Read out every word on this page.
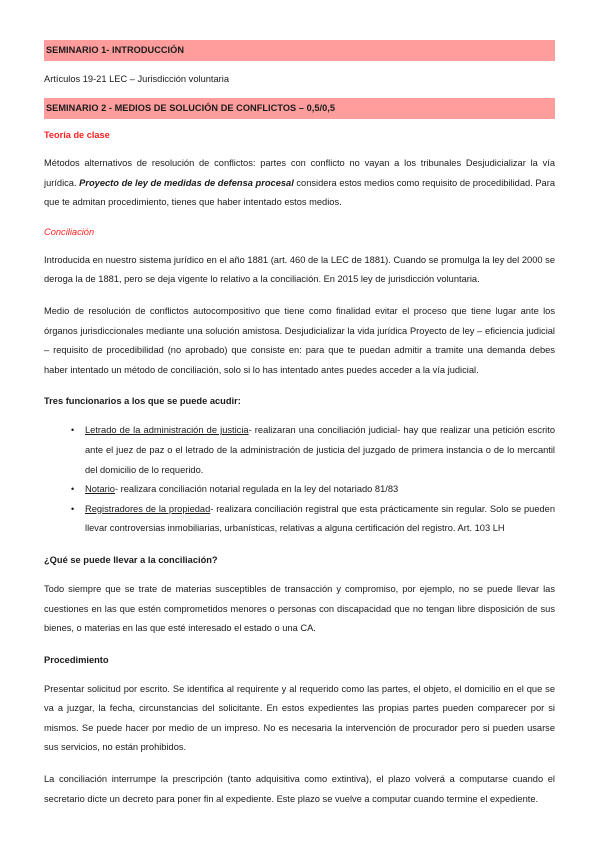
SEMINARIO 1- INTRODUCCIÓN
Artículos 19-21 LEC – Jurisdicción voluntaria
SEMINARIO 2 - MEDIOS DE SOLUCIÓN DE CONFLICTOS – 0,5/0,5
Teoría de clase

Métodos alternativos de resolución de conflictos: partes con conflicto no vayan a los tribunales Desjudicializar la vía jurídica. Proyecto de ley de medidas de defensa procesal considera estos medios como requisito de procedibilidad. Para que te admitan procedimiento, tienes que haber intentado estos medios.

Conciliación

Introducida en nuestro sistema jurídico en el año 1881 (art. 460 de la LEC de 1881). Cuando se promulga la ley del 2000 se deroga la de 1881, pero se deja vigente lo relativo a la conciliación. En 2015 ley de jurisdicción voluntaria.

Medio de resolución de conflictos autocompositivo que tiene como finalidad evitar el proceso que tiene lugar ante los órganos jurisdiccionales mediante una solución amistosa. Desjudicializar la vida jurídica Proyecto de ley – eficiencia judicial – requisito de procedibilidad (no aprobado) que consiste en: para que te puedan admitir a tramite una demanda debes haber intentado un método de conciliación, solo si lo has intentado antes puedes acceder a la vía judicial.

Tres funcionarios a los que se puede acudir:
• Letrado de la administración de justicia- realizaran una conciliación judicial- hay que realizar una petición escrito ante el juez de paz o el letrado de la administración de justicia del juzgado de primera instancia o de lo mercantil del domicilio de lo requerido.
• Notario- realizara conciliación notarial regulada en la ley del notariado 81/83
• Registradores de la propiedad- realizara conciliación registral que esta prácticamente sin regular. Solo se pueden llevar controversias inmobiliarias, urbanísticas, relativas a alguna certificación del registro. Art. 103 LH
¿Qué se puede llevar a la conciliación?

Todo siempre que se trate de materias susceptibles de transacción y compromiso, por ejemplo, no se puede llevar las cuestiones en las que estén comprometidos menores o personas con discapacidad que no tengan libre disposición de sus bienes, o materias en las que esté interesado el estado o una CA.

Procedimiento

Presentar solicitud por escrito. Se identifica al requirente y al requerido como las partes, el objeto, el domicilio en el que se va a juzgar, la fecha, circunstancias del solicitante. En estos expedientes las propias partes pueden comparecer por si mismos. Se puede hacer por medio de un impreso. No es necesaria la intervención de procurador pero si pueden usarse sus servicios, no están prohibidos.

La conciliación interrumpe la prescripción (tanto adquisitiva como extintiva), el plazo volverá a computarse cuando el secretario dicte un decreto para poner fin al expediente. Este plazo se vuelve a computar cuando termine el expediente.
